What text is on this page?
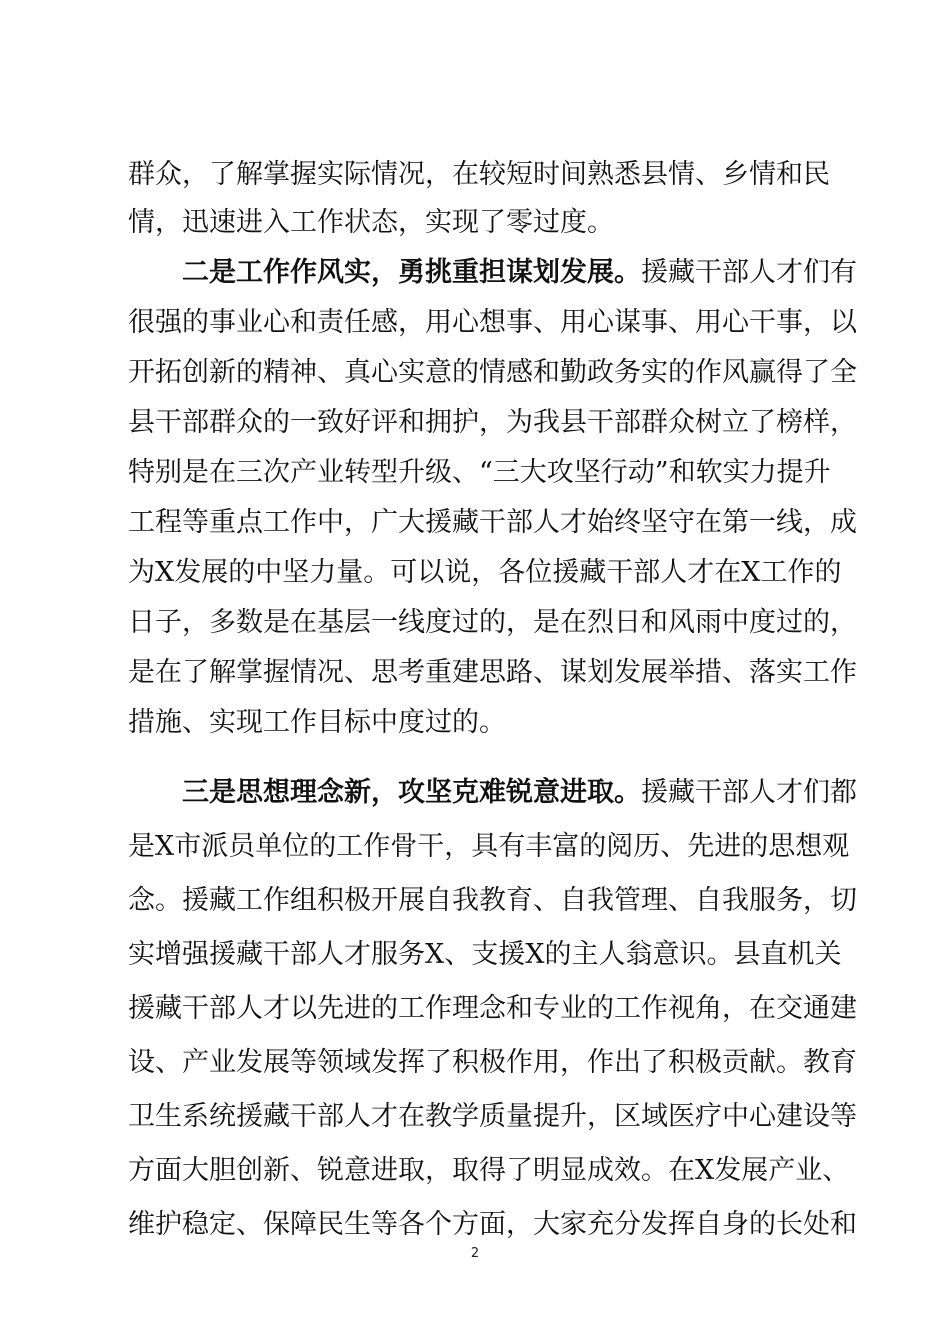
群众，了解掌握实际情况，在较短时间熟悉县情、乡情和民
情，迅速进入工作状态，实现了零过度。
二是工作作风实，勇挑重担谋划发展。援藏干部人才们有
很强的事业心和责任感，用心想事、用心谋事、用心干事，以
开拓创新的精神、真心实意的情感和勤政务实的作风赢得了全
县干部群众的一致好评和拥护，为我县干部群众树立了榜样，
特别是在三次产业转型升级、“三大攻坚行动”和软实力提升
工程等重点工作中，广大援藏干部人才始终坚守在第一线，成
为X发展的中坚力量。可以说，各位援藏干部人才在X工作的
日子，多数是在基层一线度过的，是在烈日和风雨中度过的，
是在了解掌握情况、思考重建思路、谋划发展举措、落实工作
措施、实现工作目标中度过的。
三是思想理念新，攻坚克难锐意进取。援藏干部人才们都
是X市派员单位的工作骨干，具有丰富的阅历、先进的思想观
念。援藏工作组积极开展自我教育、自我管理、自我服务，切
实增强援藏干部人才服务X、支援X的主人翁意识。县直机关
援藏干部人才以先进的工作理念和专业的工作视角，在交通建
设、产业发展等领域发挥了积极作用，作出了积极贡献。教育
卫生系统援藏干部人才在教学质量提升，区域医疗中心建设等
方面大胆创新、锐意进取，取得了明显成效。在X发展产业、
2
维护稳定、保障民生等各个方面，大家充分发挥自身的长处和
